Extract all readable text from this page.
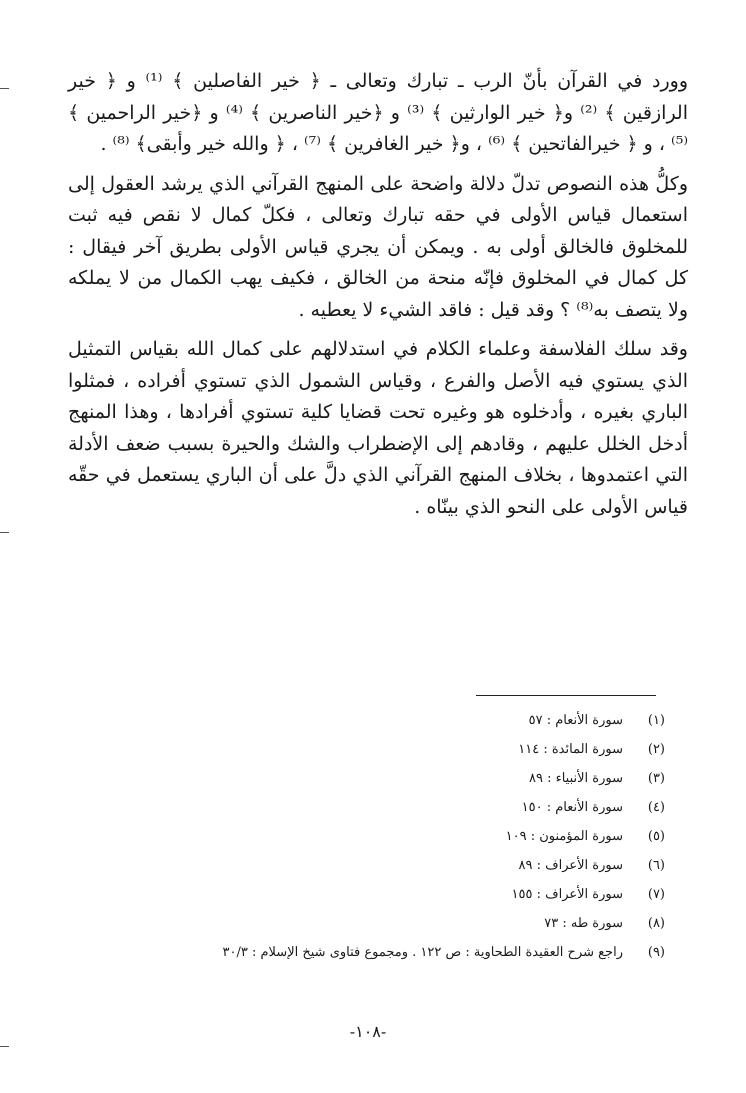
وورد في القرآن بأنّ الرب ـ تبارك وتعالى ـ ﴿ خير الفاصلين ﴾ ⁽¹⁾ و ﴿ خير الرازقين ﴾ ⁽²⁾ و﴿ خير الوارثين ﴾ ⁽³⁾ و ﴿خير الناصرين ﴾ ⁽⁴⁾ و ﴿خير الراحمين ﴾ ⁽⁵⁾ ، و ﴿ خيرالفاتحين ﴾ ⁽⁶⁾ ، و﴿ خير الغافرين ﴾ ⁽⁷⁾ ، ﴿ والله خير وأبقى﴾ ⁽⁸⁾ .

وكلُّ هذه النصوص تدلّ دلالة واضحة على المنهج القرآني الذي يرشد العقول إلى استعمال قياس الأولى في حقه تبارك وتعالى ، فكلّ كمال لا نقص فيه ثبت للمخلوق فالخالق أولى به . ويمكن أن يجري قياس الأولى بطريق آخر فيقال : كل كمال في المخلوق فإنّه منحة من الخالق ، فكيف يهب الكمال من لا يملكه ولا يتصف به⁽⁸⁾ ؟ وقد قيل : فاقد الشيء لا يعطيه .

وقد سلك الفلاسفة وعلماء الكلام في استدلالهم على كمال الله بقياس التمثيل الذي يستوي فيه الأصل والفرع ، وقياس الشمول الذي تستوي أفراده ، فمثلوا الباري بغيره ، وأدخلوه هو وغيره تحت قضايا كلية تستوي أفرادها ، وهذا المنهج أدخل الخلل عليهم ، وقادهم إلى الإضطراب والشك والحيرة بسبب ضعف الأدلة التي اعتمدوها ، بخلاف المنهج القرآني الذي دلَّ على أن الباري يستعمل في حقّه قياس الأولى على النحو الذي بينّاه .

(١)
سورة الأنعام : ٥٧
(٢)
سورة المائدة : ١١٤
(٣)
سورة الأنبياء : ٨٩
(٤)
سورة الأنعام : ١٥٠
(٥)
سورة المؤمنون : ١٠٩
(٦)
سورة الأعراف : ٨٩
(٧)
سورة الأعراف : ١٥٥
(٨)
سورة طه : ٧٣
(٩)
راجع شرح العقيدة الطحاوية : ص ١٢٢ . ومجموع فتاوى شيخ الإسلام : ٣٠/٣
-١٠٨-
